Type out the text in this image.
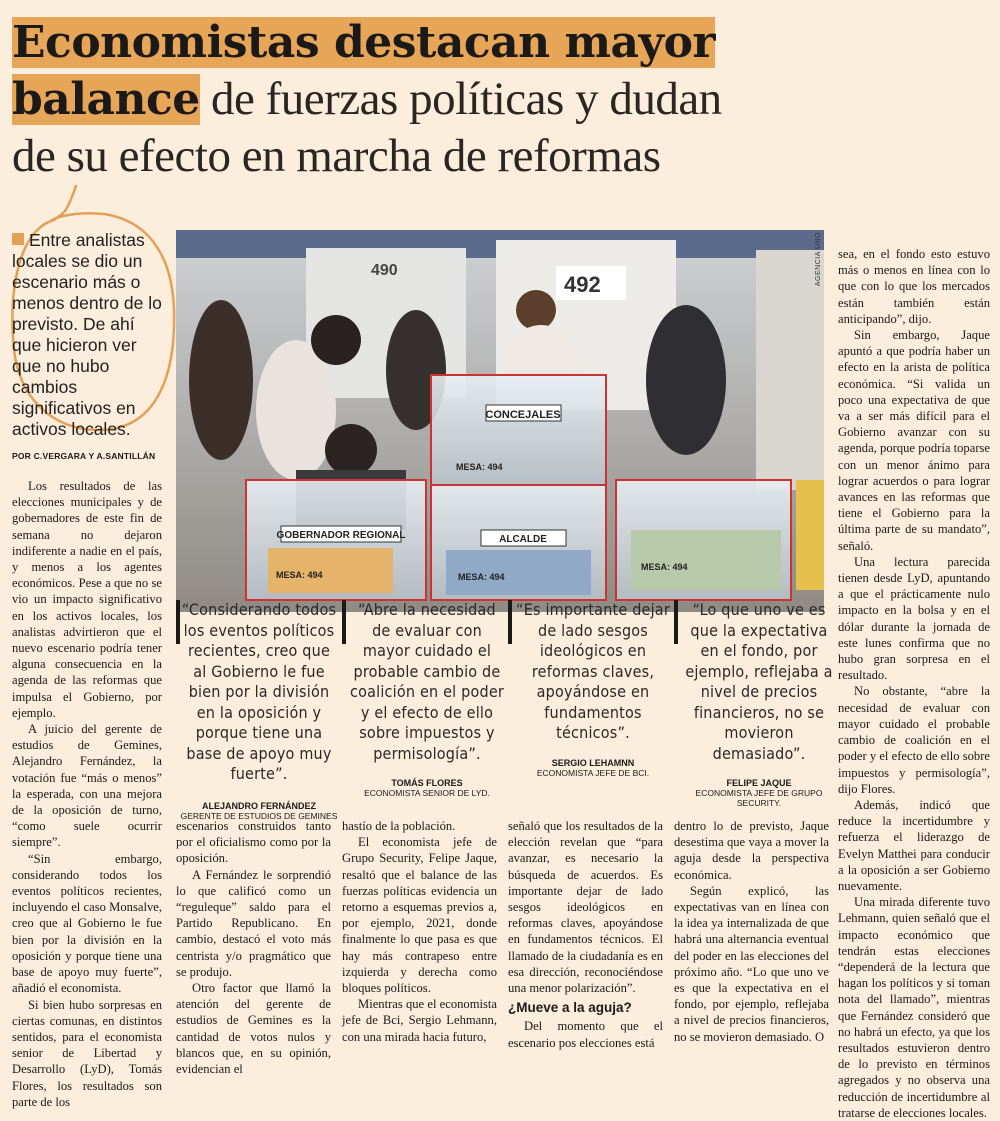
Economistas destacan mayor
balance de fuerzas políticas y dudan
de su efecto en marcha de reformas
Entre analistas locales se dio un escenario más o menos dentro de lo previsto. De ahí que hicieron ver que no hubo cambios significativos en activos locales.
POR C.VERGARA Y A.SANTILLÁN
490
492
CONCEJALES
MESA: 494
GOBERNADOR REGIONAL
MESA: 494
ALCALDE
MESA: 494
MESA: 494
AGENCIA UNO
“Considerando todos los eventos políticos recientes, creo que al Gobierno le fue bien por la división en la oposición y porque tiene una base de apoyo muy fuerte”.
ALEJANDRO FERNÁNDEZ
GERENTE DE ESTUDIOS DE GEMINES
“Abre la necesidad de evaluar con mayor cuidado el probable cambio de coalición en el poder y el efecto de ello sobre impuestos y permisología”.
TOMÁS FLORES
ECONOMISTA SENIOR DE LYD.
“Es importante dejar de lado sesgos ideológicos en reformas claves, apoyándose en fundamentos técnicos”.
SERGIO LEHAMNN
ECONOMISTA JEFE DE BCI.
“Lo que uno ve es que la expectativa en el fondo, por ejemplo, reflejaba a nivel de precios financieros, no se movieron demasiado”.
FELIPE JAQUE
ECONOMISTA JEFE DE GRUPO SECURITY.

Los resultados de las elecciones municipales y de gobernadores de este fin de semana no dejaron indiferente a nadie en el país, y menos a los agentes económicos. Pese a que no se vio un impacto significativo en los activos locales, los analistas advirtieron que el nuevo escenario podría tener alguna consecuencia en la agenda de las reformas que impulsa el Gobierno, por ejemplo.

A juicio del gerente de estudios de Gemines, Alejandro Fernández, la votación fue “más o menos” la esperada, con una mejora de la oposición de turno, “como suele ocurrir siempre”.

“Sin embargo, considerando todos los eventos políticos recientes, incluyendo el caso Monsalve, creo que al Gobierno le fue bien por la división en la oposición y porque tiene una base de apoyo muy fuerte”, añadió el economista.

Si bien hubo sorpresas en ciertas comunas, en distintos sentidos, para el economista senior de Libertad y Desarrollo (LyD), Tomás Flores, los resultados son parte de los

escenarios construidos tanto por el oficialismo como por la oposición.

A Fernández le sorprendió lo que calificó como un “reguleque” saldo para el Partido Republicano. En cambio, destacó el voto más centrista y/o pragmático que se produjo.

Otro factor que llamó la atención del gerente de estudios de Gemines es la cantidad de votos nulos y blancos que, en su opinión, evidencian el

hastío de la población.

El economista jefe de Grupo Security, Felipe Jaque, resaltó que el balance de las fuerzas políticas evidencia un retorno a esquemas previos a, por ejemplo, 2021, donde finalmente lo que pasa es que hay más contrapeso entre izquierda y derecha como bloques políticos.

Mientras que el economista jefe de Bci, Sergio Lehmann, con una mirada hacia futuro,

señaló que los resultados de la elección revelan que “para avanzar, es necesario la búsqueda de acuerdos. Es importante dejar de lado sesgos ideológicos en reformas claves, apoyándose en fundamentos técnicos. El llamado de la ciudadanía es en esa dirección, reconociéndose una menor polarización”.

¿Mueve a la aguja?

Del momento que el escenario pos elecciones está

dentro lo de previsto, Jaque desestima que vaya a mover la aguja desde la perspectiva económica.

Según explicó, las expectativas van en línea con la idea ya internalizada de que habrá una alternancia eventual del poder en las elecciones del próximo año. “Lo que uno ve es que la expectativa en el fondo, por ejemplo, reflejaba a nivel de precios financieros, no se movieron demasiado. O

sea, en el fondo esto estuvo más o menos en línea con lo que con lo que los mercados están también están anticipando”, dijo.

Sin embargo, Jaque apuntó a que podría haber un efecto en la arista de política económica. “Si valida un poco una expectativa de que va a ser más difícil para el Gobierno avanzar con su agenda, porque podría toparse con un menor ánimo para lograr acuerdos o para lograr avances en las reformas que tiene el Gobierno para la última parte de su mandato”, señaló.

Una lectura parecida tienen desde LyD, apuntando a que el prácticamente nulo impacto en la bolsa y en el dólar durante la jornada de este lunes confirma que no hubo gran sorpresa en el resultado.

No obstante, “abre la necesidad de evaluar con mayor cuidado el probable cambio de coalición en el poder y el efecto de ello sobre impuestos y permisología”, dijo Flores.

Además, indicó que reduce la incertidumbre y refuerza el liderazgo de Evelyn Matthei para conducir a la oposición a ser Gobierno nuevamente.

Una mirada diferente tuvo Lehmann, quien señaló que el impacto económico que tendrán estas elecciones “dependerá de la lectura que hagan los políticos y si toman nota del llamado”, mientras que Fernández consideró que no habrá un efecto, ya que los resultados estuvieron dentro de lo previsto en términos agregados y no observa una reducción de incertidumbre al tratarse de elecciones locales.
